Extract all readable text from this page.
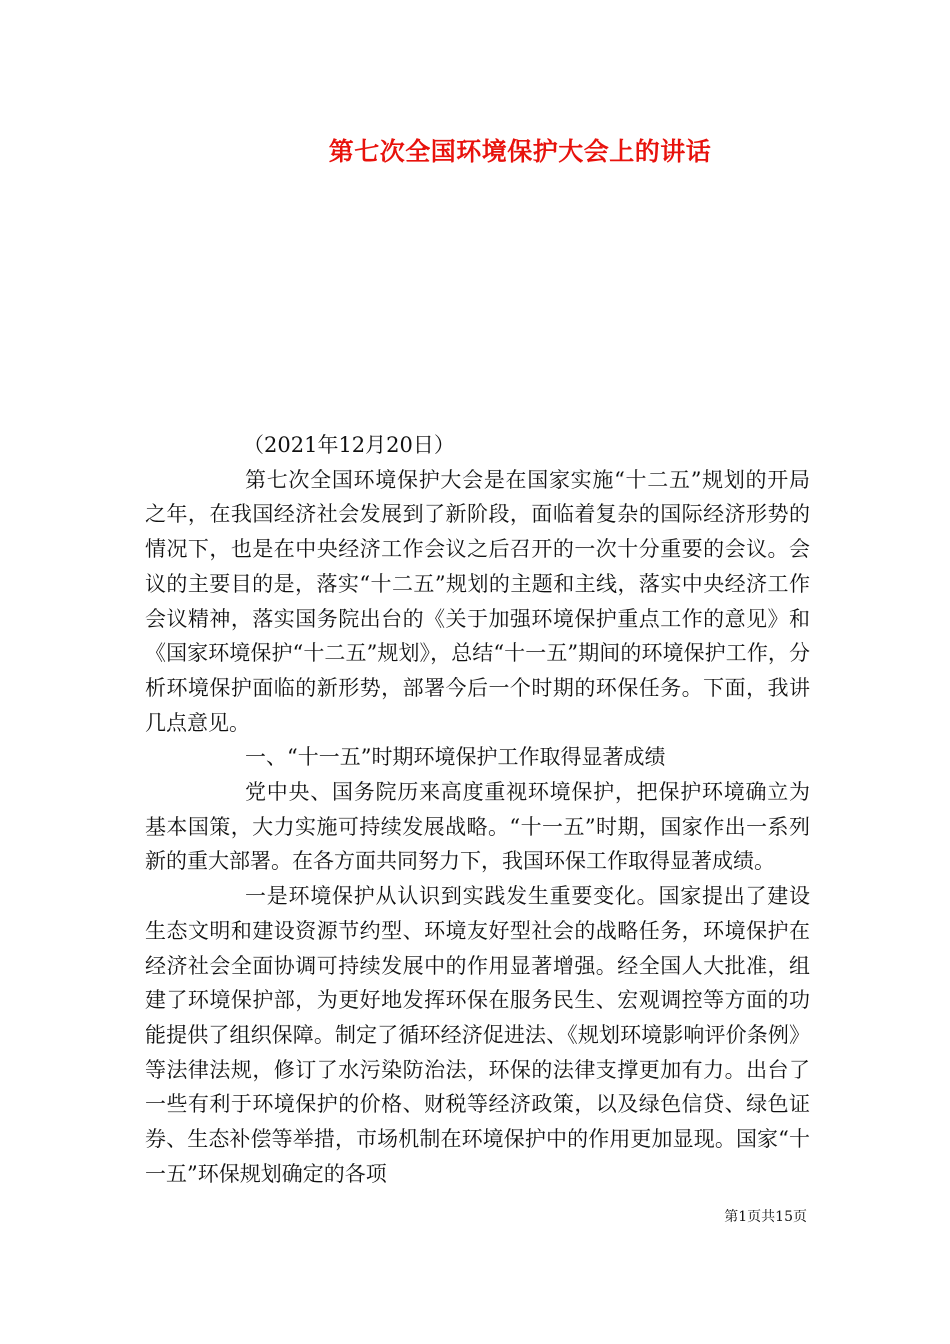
第七次全国环境保护大会上的讲话

（2021年12月20日）

第七次全国环境保护大会是在国家实施“十二五”规划的开局之年，在我国经济社会发展到了新阶段，面临着复杂的国际经济形势的情况下，也是在中央经济工作会议之后召开的一次十分重要的会议。会议的主要目的是，落实“十二五”规划的主题和主线，落实中央经济工作会议精神，落实国务院出台的《关于加强环境保护重点工作的意见》和《国家环境保护“十二五”规划》，总结“十一五”期间的环境保护工作，分析环境保护面临的新形势，部署今后一个时期的环保任务。下面，我讲几点意见。

一、“十一五”时期环境保护工作取得显著成绩

党中央、国务院历来高度重视环境保护，把保护环境确立为基本国策，大力实施可持续发展战略。“十一五”时期，国家作出一系列新的重大部署。在各方面共同努力下，我国环保工作取得显著成绩。

一是环境保护从认识到实践发生重要变化。国家提出了建设生态文明和建设资源节约型、环境友好型社会的战略任务，环境保护在经济社会全面协调可持续发展中的作用显著增强。经全国人大批准，组建了环境保护部，为更好地发挥环保在服务民生、宏观调控等方面的功能提供了组织保障。制定了循环经济促进法、《规划环境影响评价条例》等法律法规，修订了水污染防治法，环保的法律支撑更加有力。出台了一些有利于环境保护的价格、财税等经济政策，以及绿色信贷、绿色证券、生态补偿等举措，市场机制在环境保护中的作用更加显现。国家“十一五”环保规划确定的各项

第1页共15页
